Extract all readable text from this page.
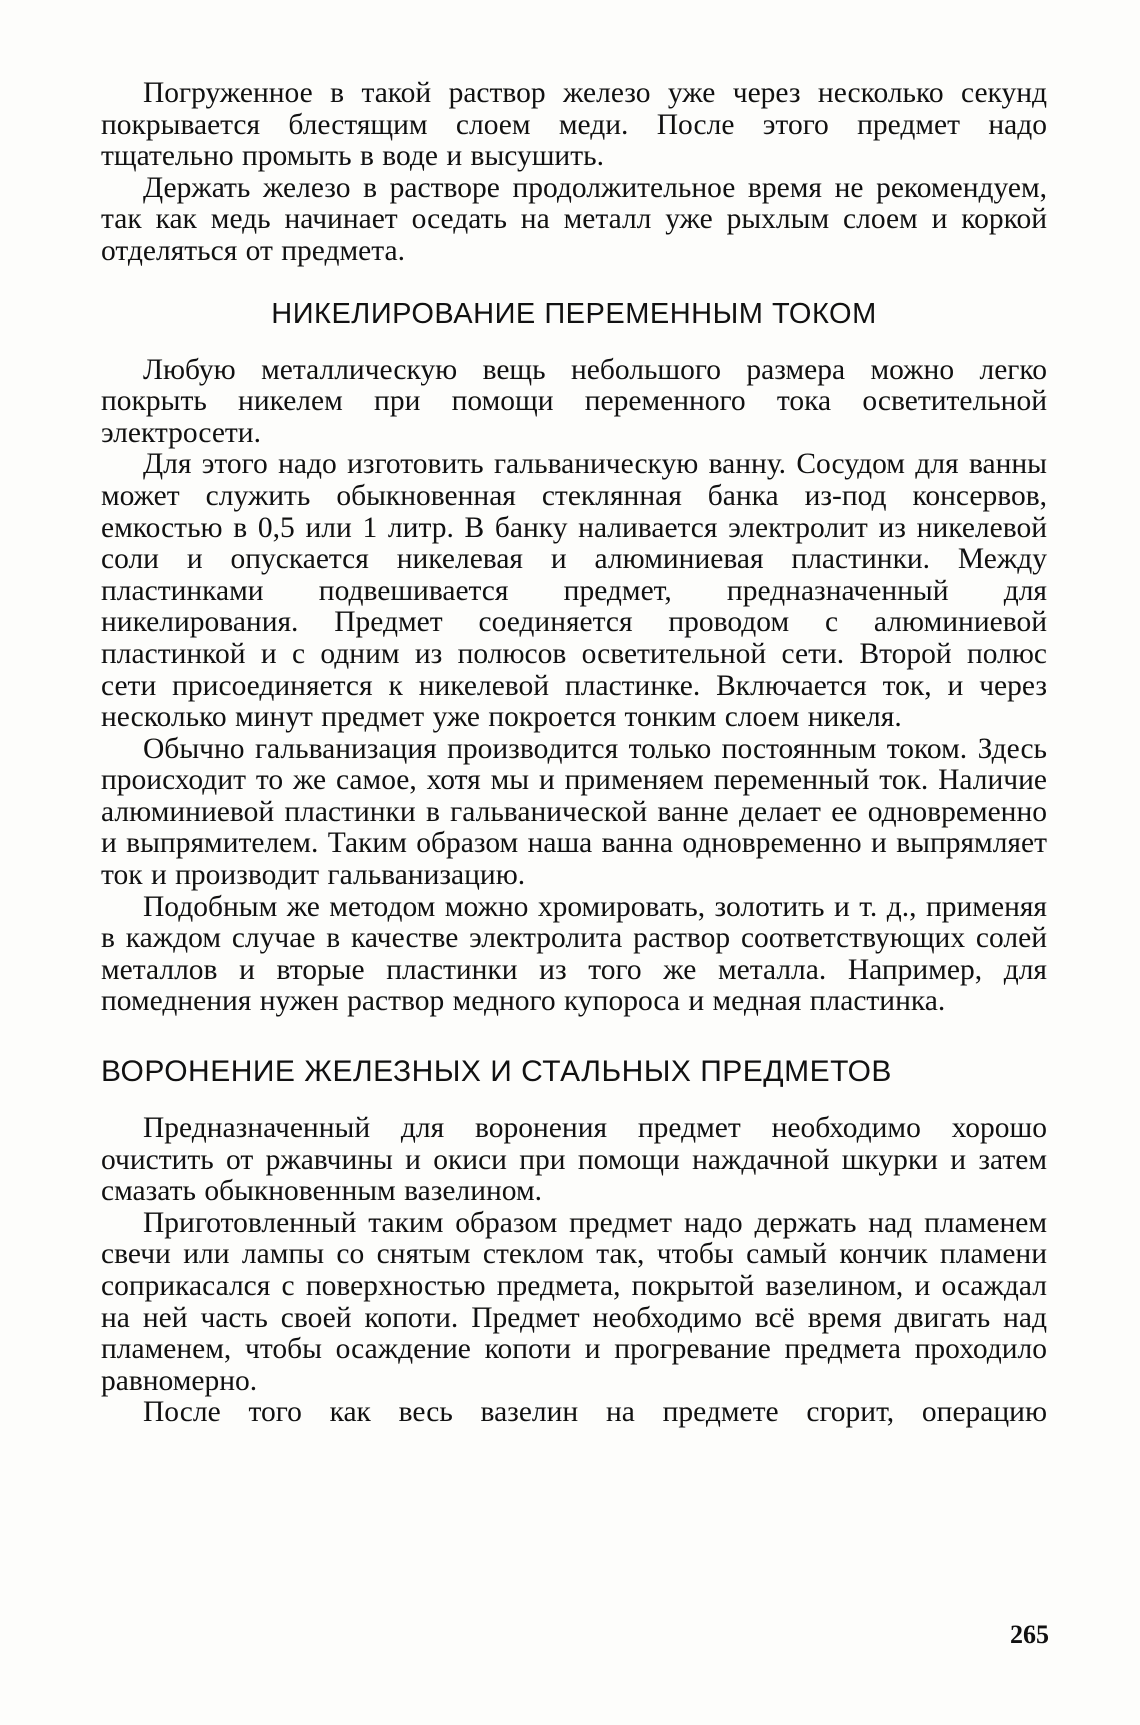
Погруженное в такой раствор железо уже через несколько секунд покрывается блестящим слоем меди. После этого предмет надо тщательно промыть в воде и высушить.

Держать железо в растворе продолжительное время не рекомендуем, так как медь начинает оседать на металл уже рыхлым слоем и коркой отделяться от предмета.

НИКЕЛИРОВАНИЕ ПЕРЕМЕННЫМ ТОКОМ

Любую металлическую вещь небольшого размера можно легко покрыть никелем при помощи переменного тока осветительной электросети.

Для этого надо изготовить гальваническую ванну. Сосудом для ванны может служить обыкновенная стеклянная банка из-под консервов, емкостью в 0,5 или 1 литр. В банку наливается электролит из никелевой соли и опускается никелевая и алюминиевая пластинки. Между пластинками подвешивается предмет, предназначенный для никелирования. Предмет соединяется проводом с алюминиевой пластинкой и с одним из полюсов осветительной сети. Второй полюс сети присоединяется к никелевой пластинке. Включается ток, и через несколько минут предмет уже покроется тонким слоем никеля.

Обычно гальванизация производится только постоянным током. Здесь происходит то же самое, хотя мы и применяем переменный ток. Наличие алюминиевой пластинки в гальванической ванне делает ее одновременно и выпрямителем. Таким образом наша ванна одновременно и выпрямляет ток и производит гальванизацию.

Подобным же методом можно хромировать, золотить и т. д., применяя в каждом случае в качестве электролита раствор соответствующих солей металлов и вторые пластинки из того же металла. Например, для помеднения нужен раствор медного купороса и медная пластинка.

ВОРОНЕНИЕ ЖЕЛЕЗНЫХ И СТАЛЬНЫХ ПРЕДМЕТОВ

Предназначенный для воронения предмет необходимо хорошо очистить от ржавчины и окиси при помощи наждачной шкурки и затем смазать обыкновенным вазелином.

Приготовленный таким образом предмет надо держать над пламенем свечи или лампы со снятым стеклом так, чтобы самый кончик пламени соприкасался с поверхностью предмета, покрытой вазелином, и осаждал на ней часть своей копоти. Предмет необходимо всё время двигать над пламенем, чтобы осаждение копоти и прогревание предмета проходило равномерно.

После того как весь вазелин на предмете сгорит, операцию

265
